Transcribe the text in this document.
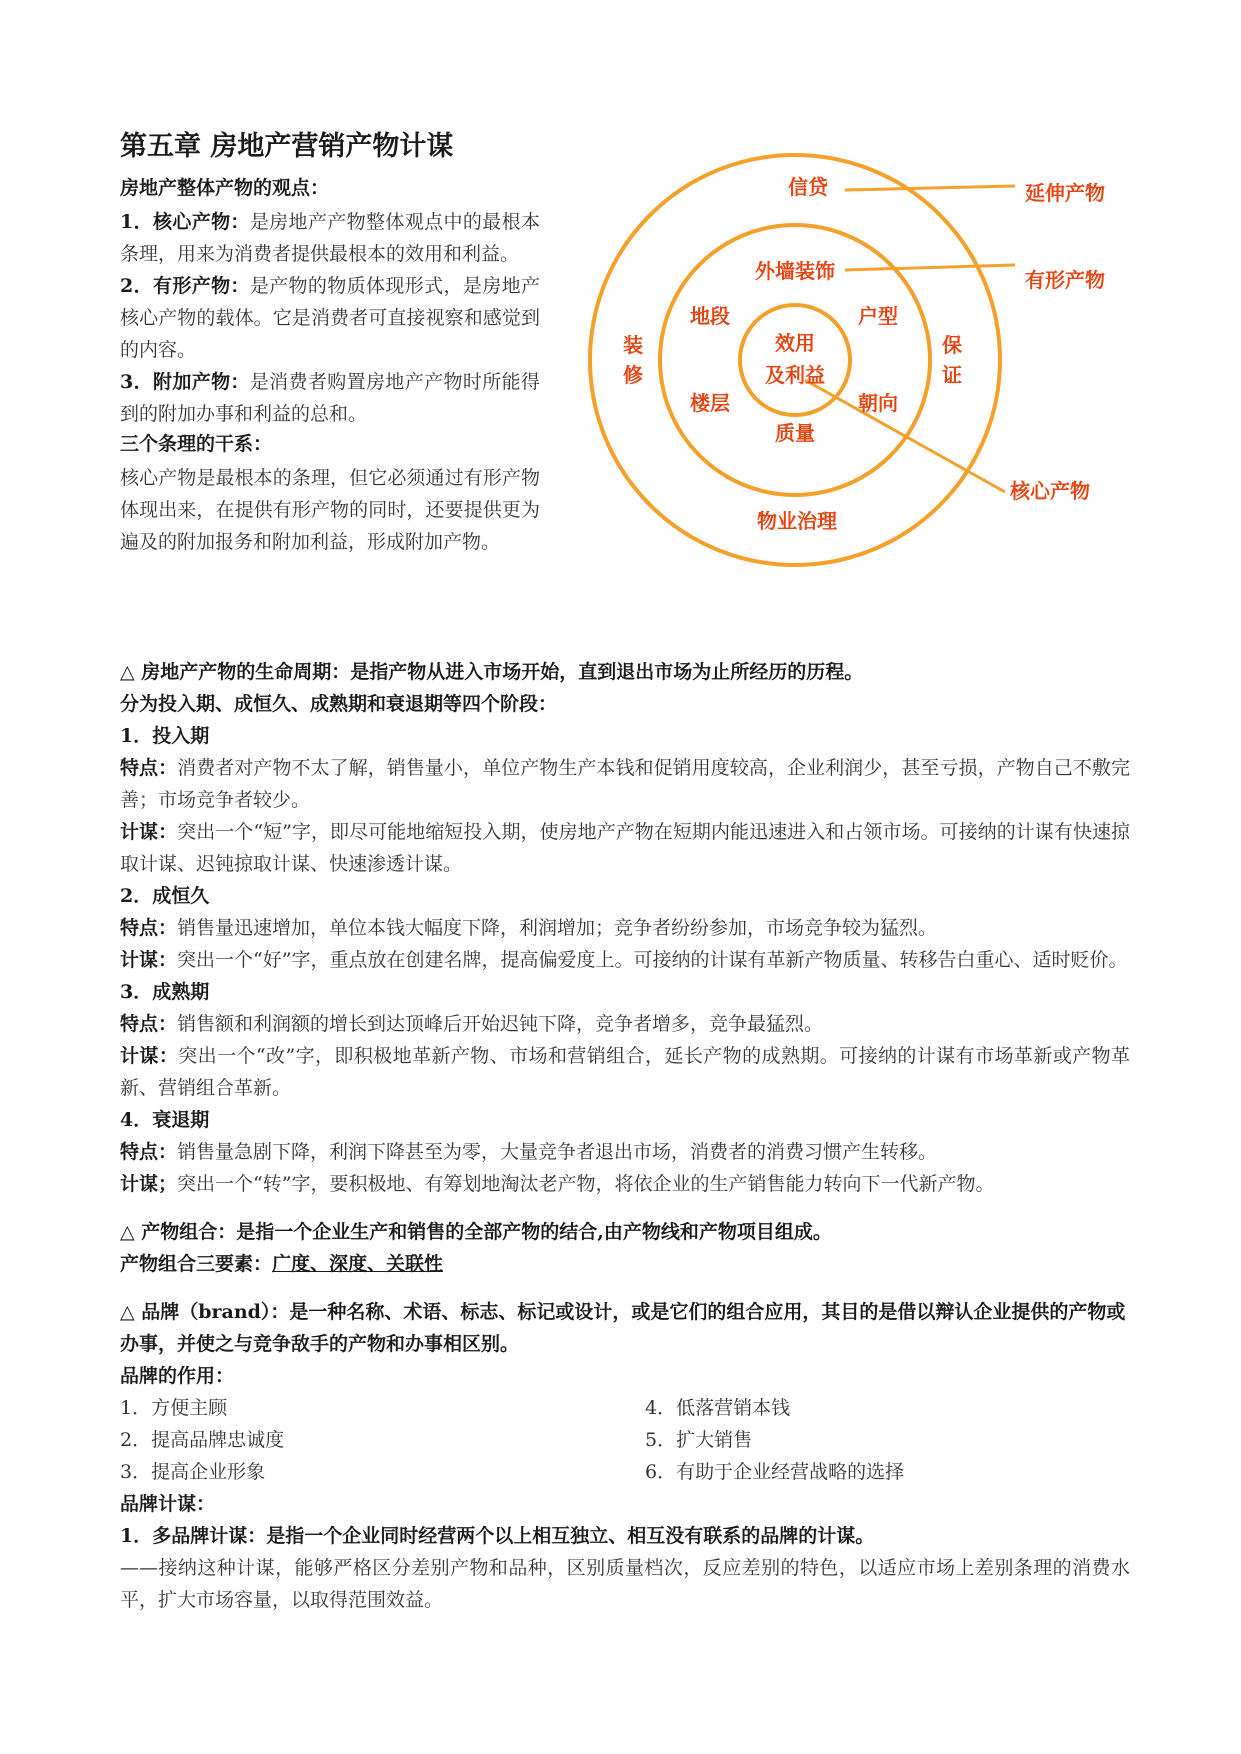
第五章 房地产营销产物计谋

房地产整体产物的观点：

1．核心产物：是房地产产物整体观点中的最根本条理，用来为消费者提供最根本的效用和利益。

2．有形产物：是产物的物质体现形式，是房地产核心产物的载体。它是消费者可直接视察和感觉到的内容。

3．附加产物：是消费者购置房地产产物时所能得到的附加办事和利益的总和。

三个条理的干系：

核心产物是最根本的条理，但它必须通过有形产物体现出来，在提供有形产物的同时，还要提供更为遍及的附加报务和附加利益，形成附加产物。

效用
及利益
外墙装饰
地段	户型
楼层	朝向
质量
信贷
装
修
保
证
物业治理
延伸产物
有形产物
核心产物

△ 房地产产物的生命周期：是指产物从进入市场开始，直到退出市场为止所经历的历程。

分为投入期、成恒久、成熟期和衰退期等四个阶段：

1．投入期

特点：消费者对产物不太了解，销售量小，单位产物生产本钱和促销用度较高，企业利润少，甚至亏损，产物自己不敷完善；市场竞争者较少。

计谋：突出一个“短”字，即尽可能地缩短投入期，使房地产产物在短期内能迅速进入和占领市场。可接纳的计谋有快速掠取计谋、迟钝掠取计谋、快速渗透计谋。

2．成恒久

特点：销售量迅速增加，单位本钱大幅度下降，利润增加；竞争者纷纷参加，市场竞争较为猛烈。

计谋：突出一个“好”字，重点放在创建名牌，提高偏爱度上。可接纳的计谋有革新产物质量、转移告白重心、适时贬价。

3．成熟期

特点：销售额和利润额的增长到达顶峰后开始迟钝下降，竞争者增多，竞争最猛烈。

计谋：突出一个“改”字，即积极地革新产物、市场和营销组合，延长产物的成熟期。可接纳的计谋有市场革新或产物革新、营销组合革新。

4．衰退期

特点：销售量急剧下降，利润下降甚至为零，大量竞争者退出市场，消费者的消费习惯产生转移。

计谋；突出一个“转”字，要积极地、有筹划地淘汰老产物，将依企业的生产销售能力转向下一代新产物。

△ 产物组合：是指一个企业生产和销售的全部产物的结合,由产物线和产物项目组成。

产物组合三要素：广度、深度、关联性

△ 品牌（brand）：是一种名称、术语、标志、标记或设计，或是它们的组合应用，其目的是借以辩认企业提供的产物或办事，并使之与竞争敌手的产物和办事相区别。

品牌的作用：

1．方便主顾	4．低落营销本钱
2．提高品牌忠诚度	5．扩大销售
3．提高企业形象	6．有助于企业经营战略的选择

品牌计谋：

1．多品牌计谋：是指一个企业同时经营两个以上相互独立、相互没有联系的品牌的计谋。

——接纳这种计谋，能够严格区分差别产物和品种，区别质量档次，反应差别的特色，以适应市场上差别条理的消费水平，扩大市场容量，以取得范围效益。
